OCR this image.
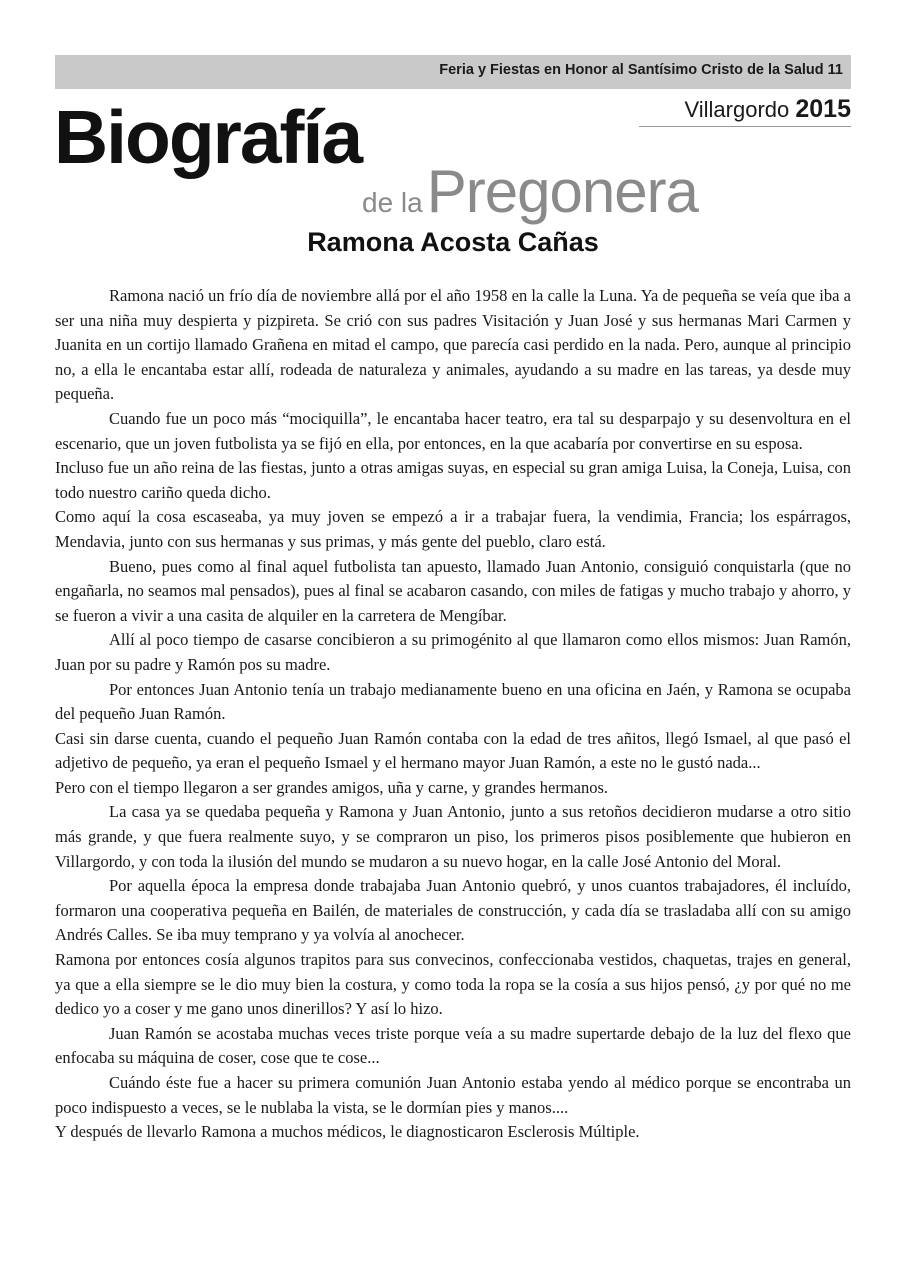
Feria y Fiestas en Honor al Santísimo Cristo de la Salud 11
Villargordo 2015
Biografía
de la Pregonera
Ramona Acosta Cañas

Ramona nació un frío día de noviembre allá por el año 1958 en la calle la Luna. Ya de pequeña se veía que iba a ser una niña muy despierta y pizpireta. Se crió con sus padres Visitación y Juan José y sus hermanas Mari Carmen y Juanita en un cortijo llamado Grañena en mitad el campo, que parecía casi perdido en la nada. Pero, aunque al principio no, a ella le encantaba estar allí, rodeada de naturaleza y animales, ayudando a su madre en las tareas, ya desde muy pequeña.

Cuando fue un poco más “mociquilla”, le encantaba hacer teatro, era tal su desparpajo y su desenvoltura en el escenario, que un joven futbolista ya se fijó en ella, por entonces, en la que acabaría por convertirse en su esposa.

Incluso fue un año reina de las fiestas, junto a otras amigas suyas, en especial su gran amiga Luisa, la Coneja, Luisa, con todo nuestro cariño queda dicho.

Como aquí la cosa escaseaba, ya muy joven se empezó a ir a trabajar fuera, la vendimia, Francia; los espárragos, Mendavia, junto con sus hermanas y sus primas, y más gente del pueblo, claro está.

Bueno, pues como al final aquel futbolista tan apuesto, llamado Juan Antonio, consiguió conquistarla (que no engañarla, no seamos mal pensados), pues al final se acabaron casando, con miles de fatigas y mucho trabajo y ahorro, y se fueron a vivir a una casita de alquiler en la carretera de Mengíbar.

Allí al poco tiempo de casarse concibieron a su primogénito al que llamaron como ellos mismos: Juan Ramón, Juan por su padre y Ramón pos su madre.

Por entonces Juan Antonio tenía un trabajo medianamente bueno en una oficina en Jaén, y Ramona se ocupaba del pequeño Juan Ramón.

Casi sin darse cuenta, cuando el pequeño Juan Ramón contaba con la edad de tres añitos, llegó Ismael, al que pasó el adjetivo de pequeño, ya eran el pequeño Ismael y el hermano mayor Juan Ramón, a este no le gustó nada...

Pero con el tiempo llegaron a ser grandes amigos, uña y carne, y grandes hermanos.

La casa ya se quedaba pequeña y Ramona y Juan Antonio, junto a sus retoños decidieron mudarse a otro sitio más grande, y que fuera realmente suyo, y se compraron un piso, los primeros pisos posiblemente que hubieron en Villargordo, y con toda la ilusión del mundo se mudaron a su nuevo hogar, en la calle José Antonio del Moral.

Por aquella época la empresa donde trabajaba Juan Antonio quebró, y unos cuantos trabajadores, él incluído, formaron una cooperativa pequeña en Bailén, de materiales de construcción, y cada día se trasladaba allí con su amigo Andrés Calles. Se iba muy temprano y ya volvía al anochecer.

Ramona por entonces cosía algunos trapitos para sus convecinos, confeccionaba vestidos, chaquetas, trajes en general, ya que a ella siempre se le dio muy bien la costura, y como toda la ropa se la cosía a sus hijos pensó, ¿y por qué no me dedico yo a coser y me gano unos dinerillos? Y así lo hizo.

Juan Ramón se acostaba muchas veces triste porque veía a su madre supertarde debajo de la luz del flexo que enfocaba su máquina de coser, cose que te cose...

Cuándo éste fue a hacer su primera comunión Juan Antonio estaba yendo al médico porque se encontraba un poco indispuesto a veces, se le nublaba la vista, se le dormían pies y manos....

Y después de llevarlo Ramona a muchos médicos, le diagnosticaron Esclerosis Múltiple.
